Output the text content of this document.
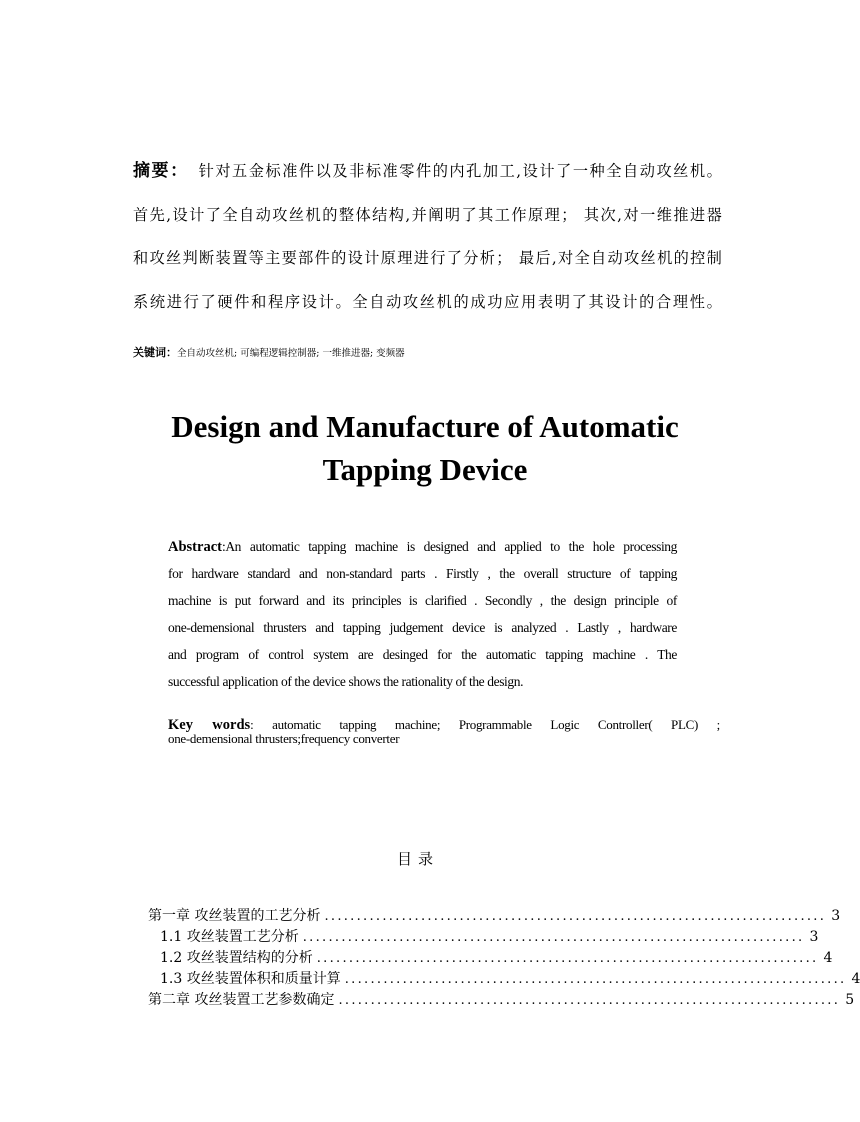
摘要： 针对五金标准件以及非标准零件的内孔加工,设计了一种全自动攻丝机。
首先,设计了全自动攻丝机的整体结构,并阐明了其工作原理； 其次,对一维推进器
和攻丝判断装置等主要部件的设计原理进行了分析； 最后,对全自动攻丝机的控制
系统进行了硬件和程序设计。全自动攻丝机的成功应用表明了其设计的合理性。
关键词：全自动攻丝机; 可编程逻辑控制器; 一维推进器; 变频器
Design and Manufacture of Automatic
Tapping Device
Abstract:An automatic tapping machine is designed and applied to the hole processing
for hardware standard and non-standard parts . Firstly , the overall structure of tapping
machine is put forward and its principles is clarified . Secondly , the design principle of
one-demensional thrusters and tapping judgement device is analyzed . Lastly , hardware
and program of control system are desinged for the automatic tapping machine . The
successful application of the device shows the rationality of the design.
Key words: automatic tapping machine; Programmable Logic Controller( PLC) ;
one-demensional thrusters;frequency converter
目录
第一章 攻丝装置的工艺分析 .............................................................................. 3
1.1 攻丝装置工艺分析 .............................................................................. 3
1.2 攻丝装置结构的分析 .............................................................................. 4
1.3 攻丝装置体积和质量计算 .............................................................................. 4
第二章 攻丝装置工艺参数确定 .............................................................................. 5
